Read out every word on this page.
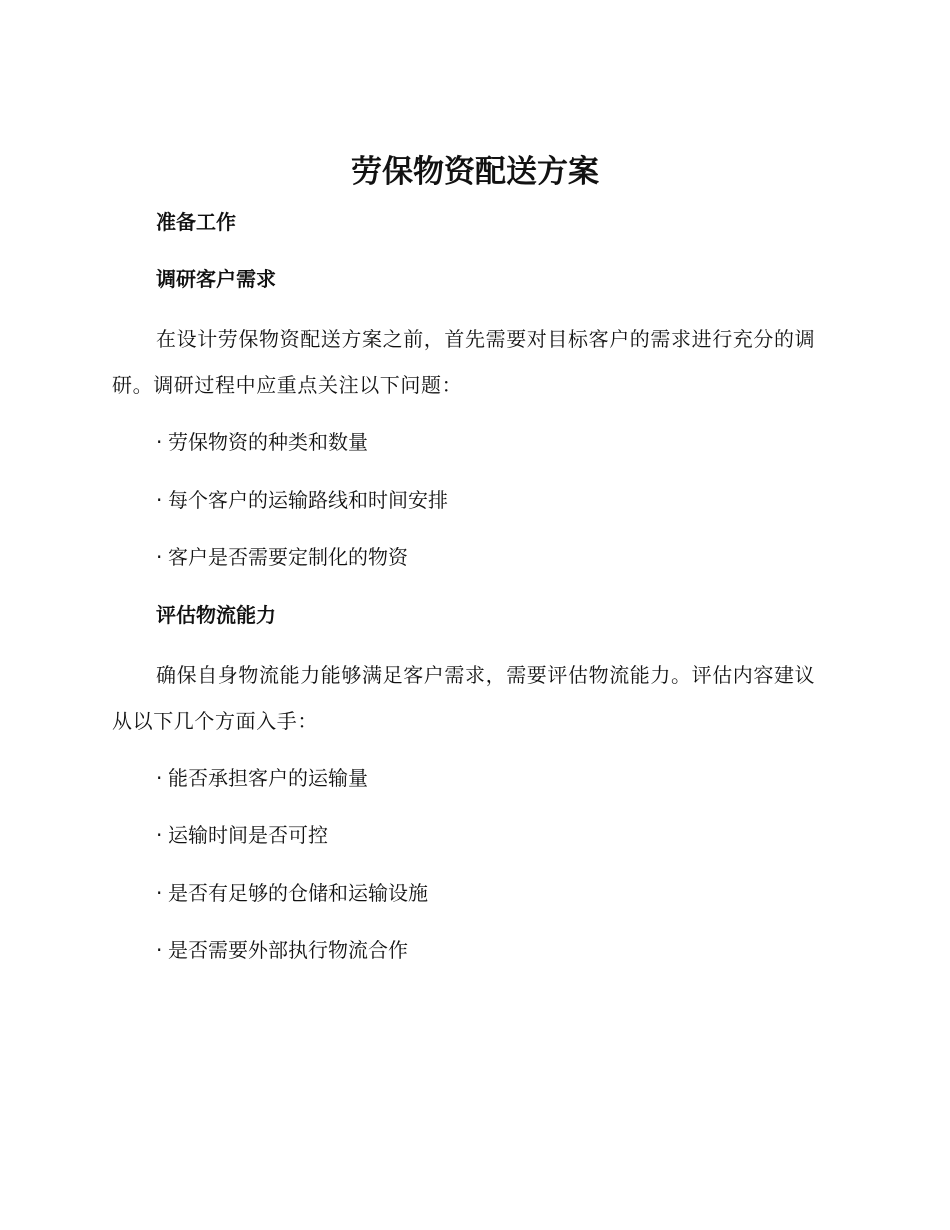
劳保物资配送方案

准备工作

调研客户需求

在设计劳保物资配送方案之前，首先需要对目标客户的需求进行充分的调研。调研过程中应重点关注以下问题：

· 劳保物资的种类和数量

· 每个客户的运输路线和时间安排

· 客户是否需要定制化的物资

评估物流能力

确保自身物流能力能够满足客户需求，需要评估物流能力。评估内容建议从以下几个方面入手：

· 能否承担客户的运输量

· 运输时间是否可控

· 是否有足够的仓储和运输设施

· 是否需要外部执行物流合作
